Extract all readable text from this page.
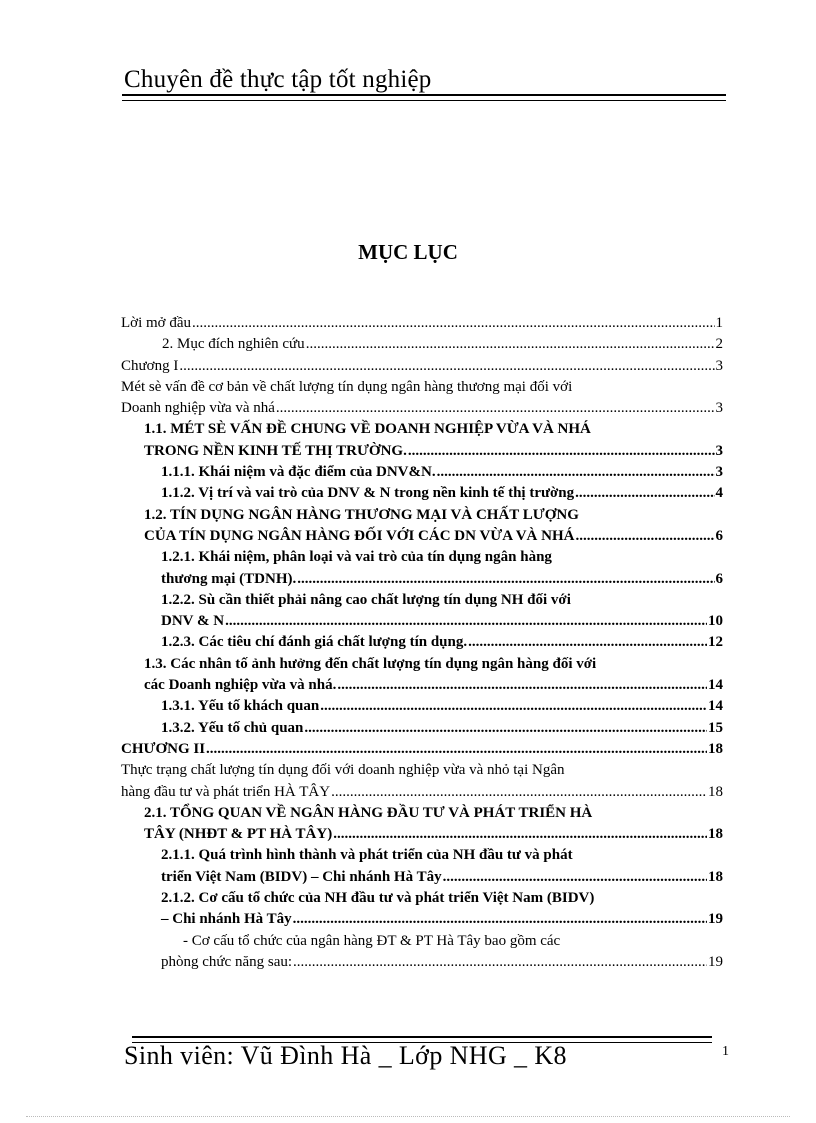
Chuyên đề thực tập tốt nghiệp
MỤC LỤC
Lời mở đầu .....	1
2. Mục đích nghiên cứu .....	2
Chương I .....	3
Mét sè vấn đề cơ bản về chất lượng tín dụng ngân hàng thương mại đối với
Doanh nghiệp vừa và nhá .....	3
1.1. MÉT SÈ VẤN ĐỀ CHUNG VỀ DOANH NGHIỆP VỪA VÀ NHÁ
TRONG NỀN KINH TẾ THỊ TRƯỜNG. .....	3
1.1.1. Khái niệm và đặc điểm của DNV&N. .....	3
1.1.2. Vị trí và vai trò của DNV & N trong nền kinh tế thị trường .....	4
1.2. TÍN DỤNG NGÂN HÀNG THƯƠNG MẠI VÀ CHẤT LƯỢNG
CỦA TÍN DỤNG NGÂN HÀNG ĐỐI VỚI CÁC DN VỪA VÀ NHÁ .....	6
1.2.1. Khái niệm, phân loại và vai trò của tín dụng ngân hàng
thương mại (TDNH). .....	6
1.2.2. Sù cần thiết phải nâng cao chất lượng tín dụng NH đối với
DNV & N .....	10
1.2.3. Các tiêu chí đánh giá chất lượng tín dụng. .....	12
1.3. Các nhân tố ảnh hưởng đến chất lượng tín dụng ngân hàng đối với
các Doanh nghiệp vừa và nhá. .....	14
1.3.1. Yếu tố khách quan .....	14
1.3.2. Yếu tố chủ quan .....	15
CHƯƠNG II .....	18
Thực trạng chất lượng tín dụng đối với doanh nghiệp vừa và nhỏ tại Ngân
hàng đầu tư và phát triển HÀ TÂY .....	18
2.1. TỔNG QUAN VỀ NGÂN HÀNG ĐẦU TƯ VÀ PHÁT TRIỂN HÀ
TÂY (NHĐT & PT HÀ TÂY) .....	18
2.1.1. Quá trình hình thành và phát triển của NH đầu tư và phát
triển Việt Nam (BIDV) – Chi nhánh Hà Tây .....	18
2.1.2. Cơ cấu tổ chức của NH đầu tư và phát triển Việt Nam (BIDV)
– Chi nhánh Hà Tây .....	19
- Cơ cấu tổ chức của ngân hàng ĐT & PT Hà Tây bao gồm các
phòng chức năng sau: .....	19
Sinh viên: Vũ Đình Hà _ Lớp NHG _ K8	1
